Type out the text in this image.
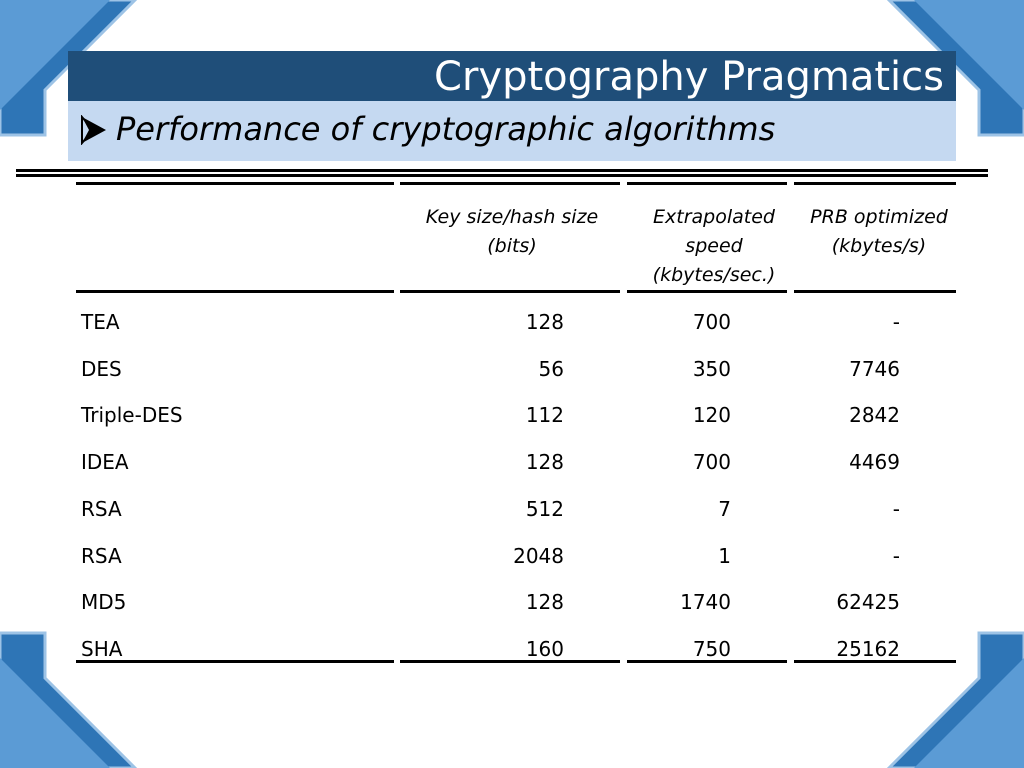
Cryptography Pragmatics
Performance of cryptographic algorithms
Key size/hash size
(bits)
Extrapolated
speed
(kbytes/sec.)
PRB optimized
(kbytes/s)
TEA	128	700	-
DES	56	350	7746
Triple-DES	112	120	2842
IDEA	128	700	4469
RSA	512	7	-
RSA	2048	1	-
MD5	128	1740	62425
SHA	160	750	25162
